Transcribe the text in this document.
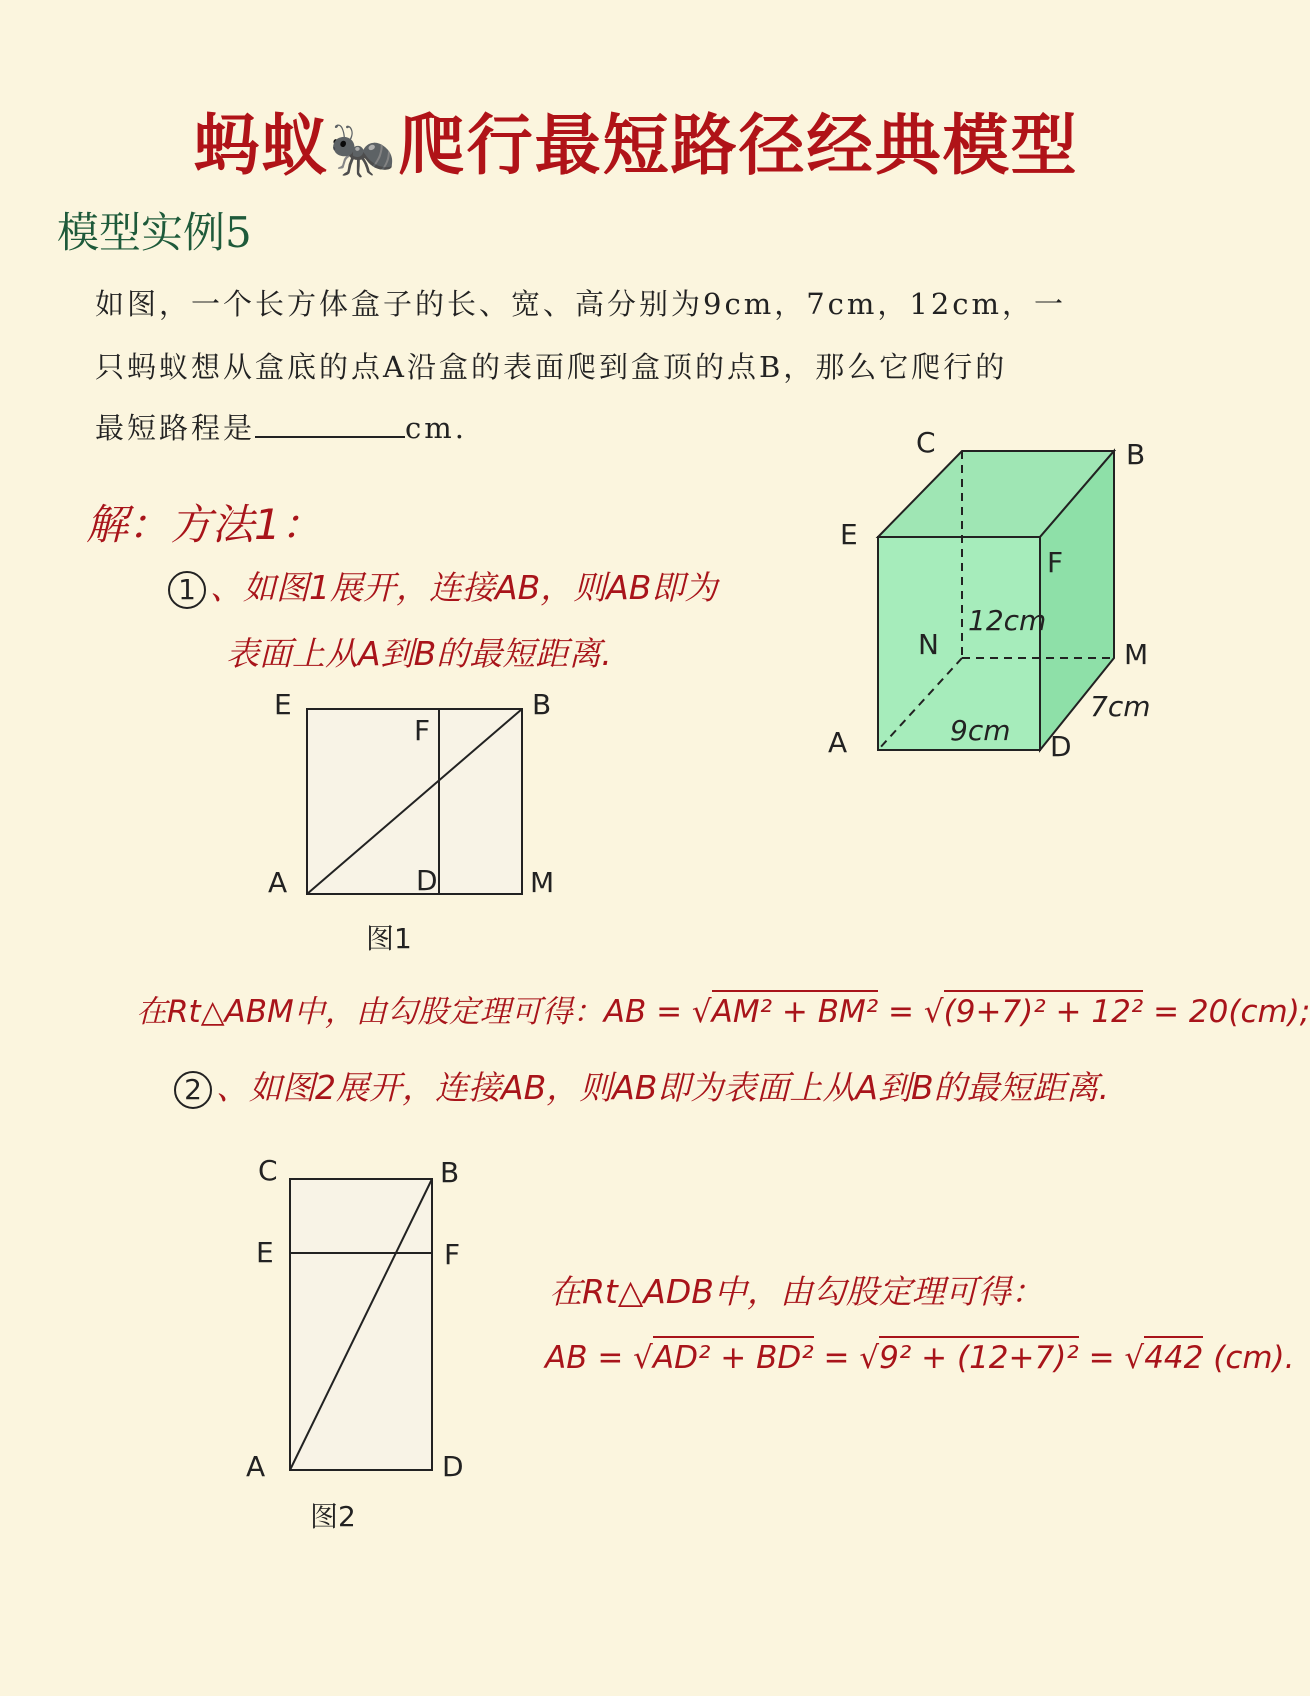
蚂蚁🐜爬行最短路径经典模型
模型实例5
如图，一个长方体盒子的长、宽、高分别为9cm，7cm，12cm，一
只蚂蚁想从盒底的点A沿盒的表面爬到盒顶的点B，那么它爬行的
最短路程是	cm.	C	B
E
F
N	M
A	D
12cm
9cm
7cm
E
F
B
A	D	M
图1
C	B
E	F
A	D
图2
解：方法1：
1 、如图1展开，连接AB，则AB即为
表面上从A到B的最短距离.
在Rt△ABM中，由勾股定理可得：AB = √AM² + BM² = √(9+7)² + 12² = 20(cm);
2 、如图2展开，连接AB，则AB即为表面上从A到B的最短距离.
在Rt△ADB中，由勾股定理可得：
AB = √AD² + BD² = √9² + (12+7)² = √442 (cm).
